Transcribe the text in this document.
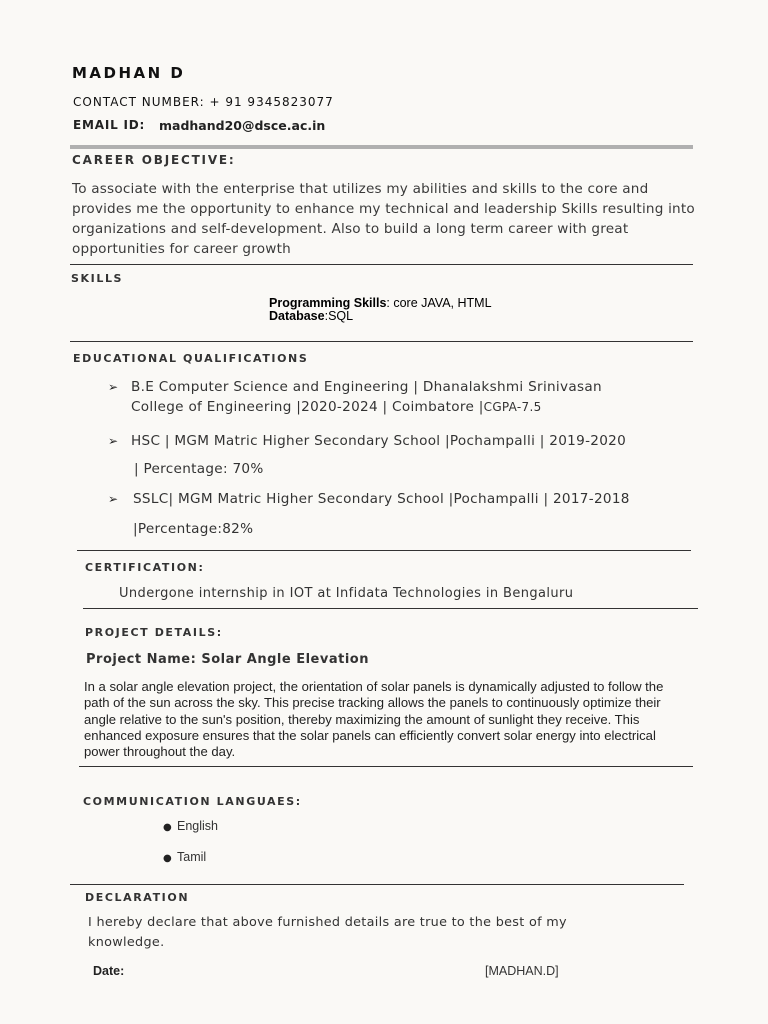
MADHAN D
CONTACT NUMBER: + 91 9345823077
EMAIL ID: madhand20@dsce.ac.in
CAREER OBJECTIVE:
To associate with the enterprise that utilizes my abilities and skills to the core and provides me the opportunity to enhance my technical and leadership Skills resulting into organizations and self-development. Also to build a long term career with great opportunities for career growth
SKILLS
Programming Skills: core JAVA, HTML
Database:SQL
EDUCATIONAL QUALIFICATIONS
➢ B.E Computer Science and Engineering | Dhanalakshmi Srinivasan
College of Engineering |2020-2024 | Coimbatore |CGPA-7.5
➢ HSC | MGM Matric Higher Secondary School |Pochampalli | 2019-2020
| Percentage: 70%
➢ SSLC| MGM Matric Higher Secondary School |Pochampalli | 2017-2018
|Percentage:82%
CERTIFICATION:
Undergone internship in IOT at Infidata Technologies in Bengaluru
PROJECT DETAILS:
Project Name: Solar Angle Elevation
In a solar angle elevation project, the orientation of solar panels is dynamically adjusted to follow the path of the sun across the sky. This precise tracking allows the panels to continuously optimize their angle relative to the sun's position, thereby maximizing the amount of sunlight they receive. This enhanced exposure ensures that the solar panels can efficiently convert solar energy into electrical power throughout the day.
COMMUNICATION LANGUAES:
● English
● Tamil
DECLARATION
I hereby declare that above furnished details are true to the best of my knowledge.
Date:	[MADHAN.D]
